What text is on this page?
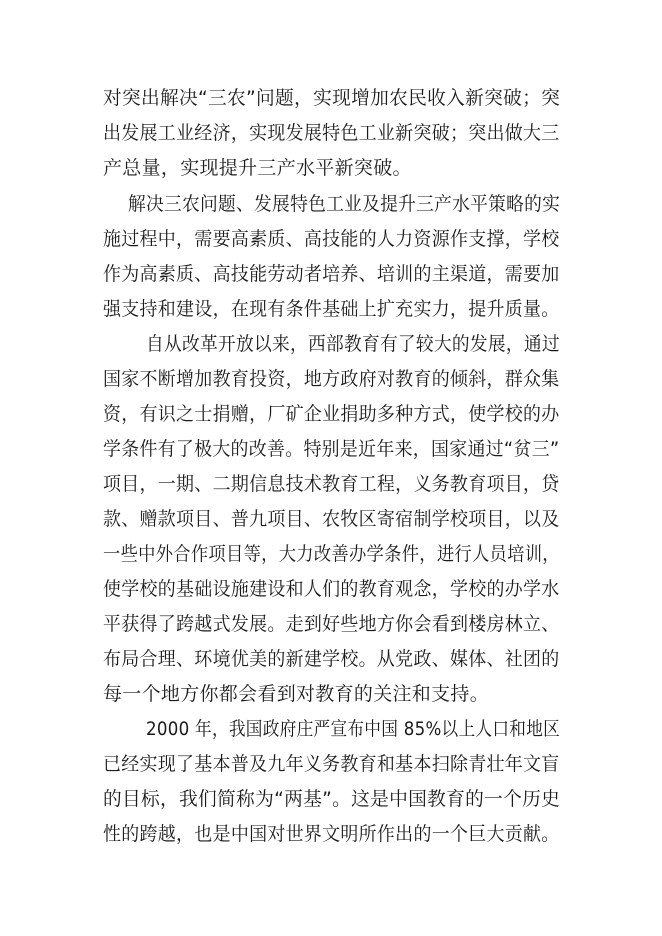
对突出解决“三农”问题，实现增加农民收入新突破；突
出发展工业经济，实现发展特色工业新突破；突出做大三
产总量，实现提升三产水平新突破。
解决三农问题、发展特色工业及提升三产水平策略的实
施过程中，需要高素质、高技能的人力资源作支撑，学校
作为高素质、高技能劳动者培养、培训的主渠道，需要加
强支持和建设，在现有条件基础上扩充实力，提升质量。
自从改革开放以来，西部教育有了较大的发展，通过
国家不断增加教育投资，地方政府对教育的倾斜，群众集
资，有识之士捐赠，厂矿企业捐助多种方式，使学校的办
学条件有了极大的改善。特别是近年来，国家通过“贫三”
项目，一期、二期信息技术教育工程，义务教育项目，贷
款、赠款项目、普九项目、农牧区寄宿制学校项目，以及
一些中外合作项目等，大力改善办学条件，进行人员培训，
使学校的基础设施建设和人们的教育观念，学校的办学水
平获得了跨越式发展。走到好些地方你会看到楼房林立、
布局合理、环境优美的新建学校。从党政、媒体、社团的
每一个地方你都会看到对教育的关注和支持。
2000 年，我国政府庄严宣布中国 85%以上人口和地区
已经实现了基本普及九年义务教育和基本扫除青壮年文盲
的目标，我们简称为“两基”。这是中国教育的一个历史
性的跨越，也是中国对世界文明所作出的一个巨大贡献。
